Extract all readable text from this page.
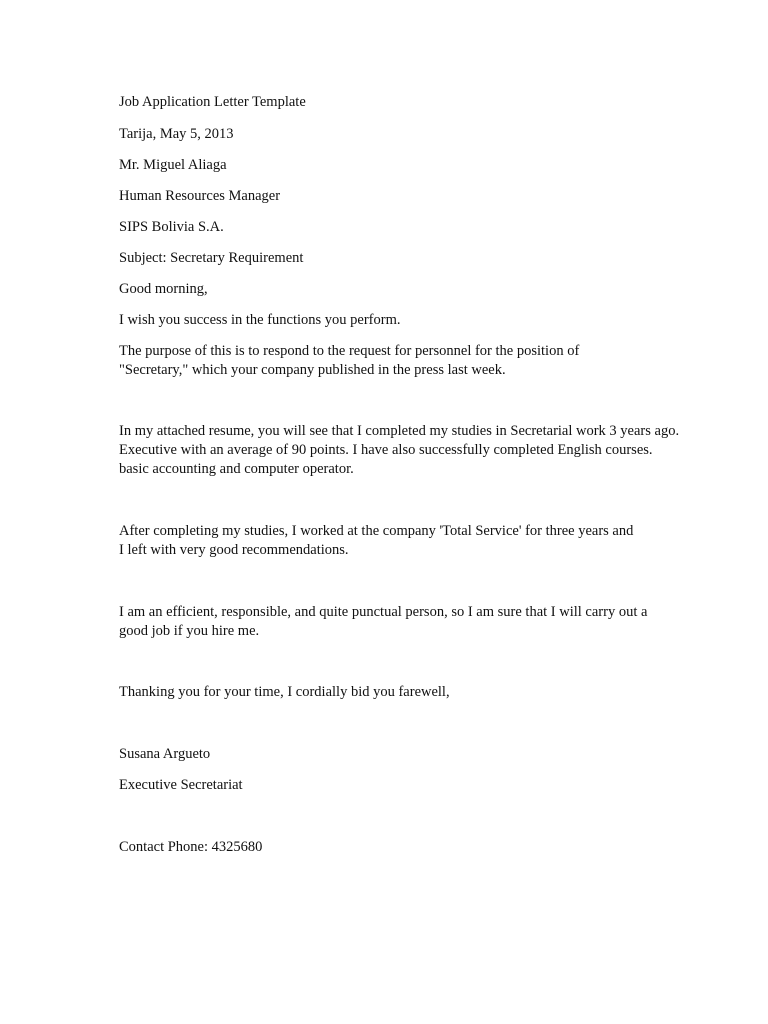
Job Application Letter Template
Tarija, May 5, 2013
Mr. Miguel Aliaga
Human Resources Manager
SIPS Bolivia S.A.
Subject: Secretary Requirement
Good morning,
I wish you success in the functions you perform.
The purpose of this is to respond to the request for personnel for the position of
"Secretary," which your company published in the press last week.
In my attached resume, you will see that I completed my studies in Secretarial work 3 years ago.
Executive with an average of 90 points. I have also successfully completed English courses.
basic accounting and computer operator.
After completing my studies, I worked at the company 'Total Service' for three years and
I left with very good recommendations.
I am an efficient, responsible, and quite punctual person, so I am sure that I will carry out a
good job if you hire me.
Thanking you for your time, I cordially bid you farewell,
Susana Argueto
Executive Secretariat
Contact Phone: 4325680
